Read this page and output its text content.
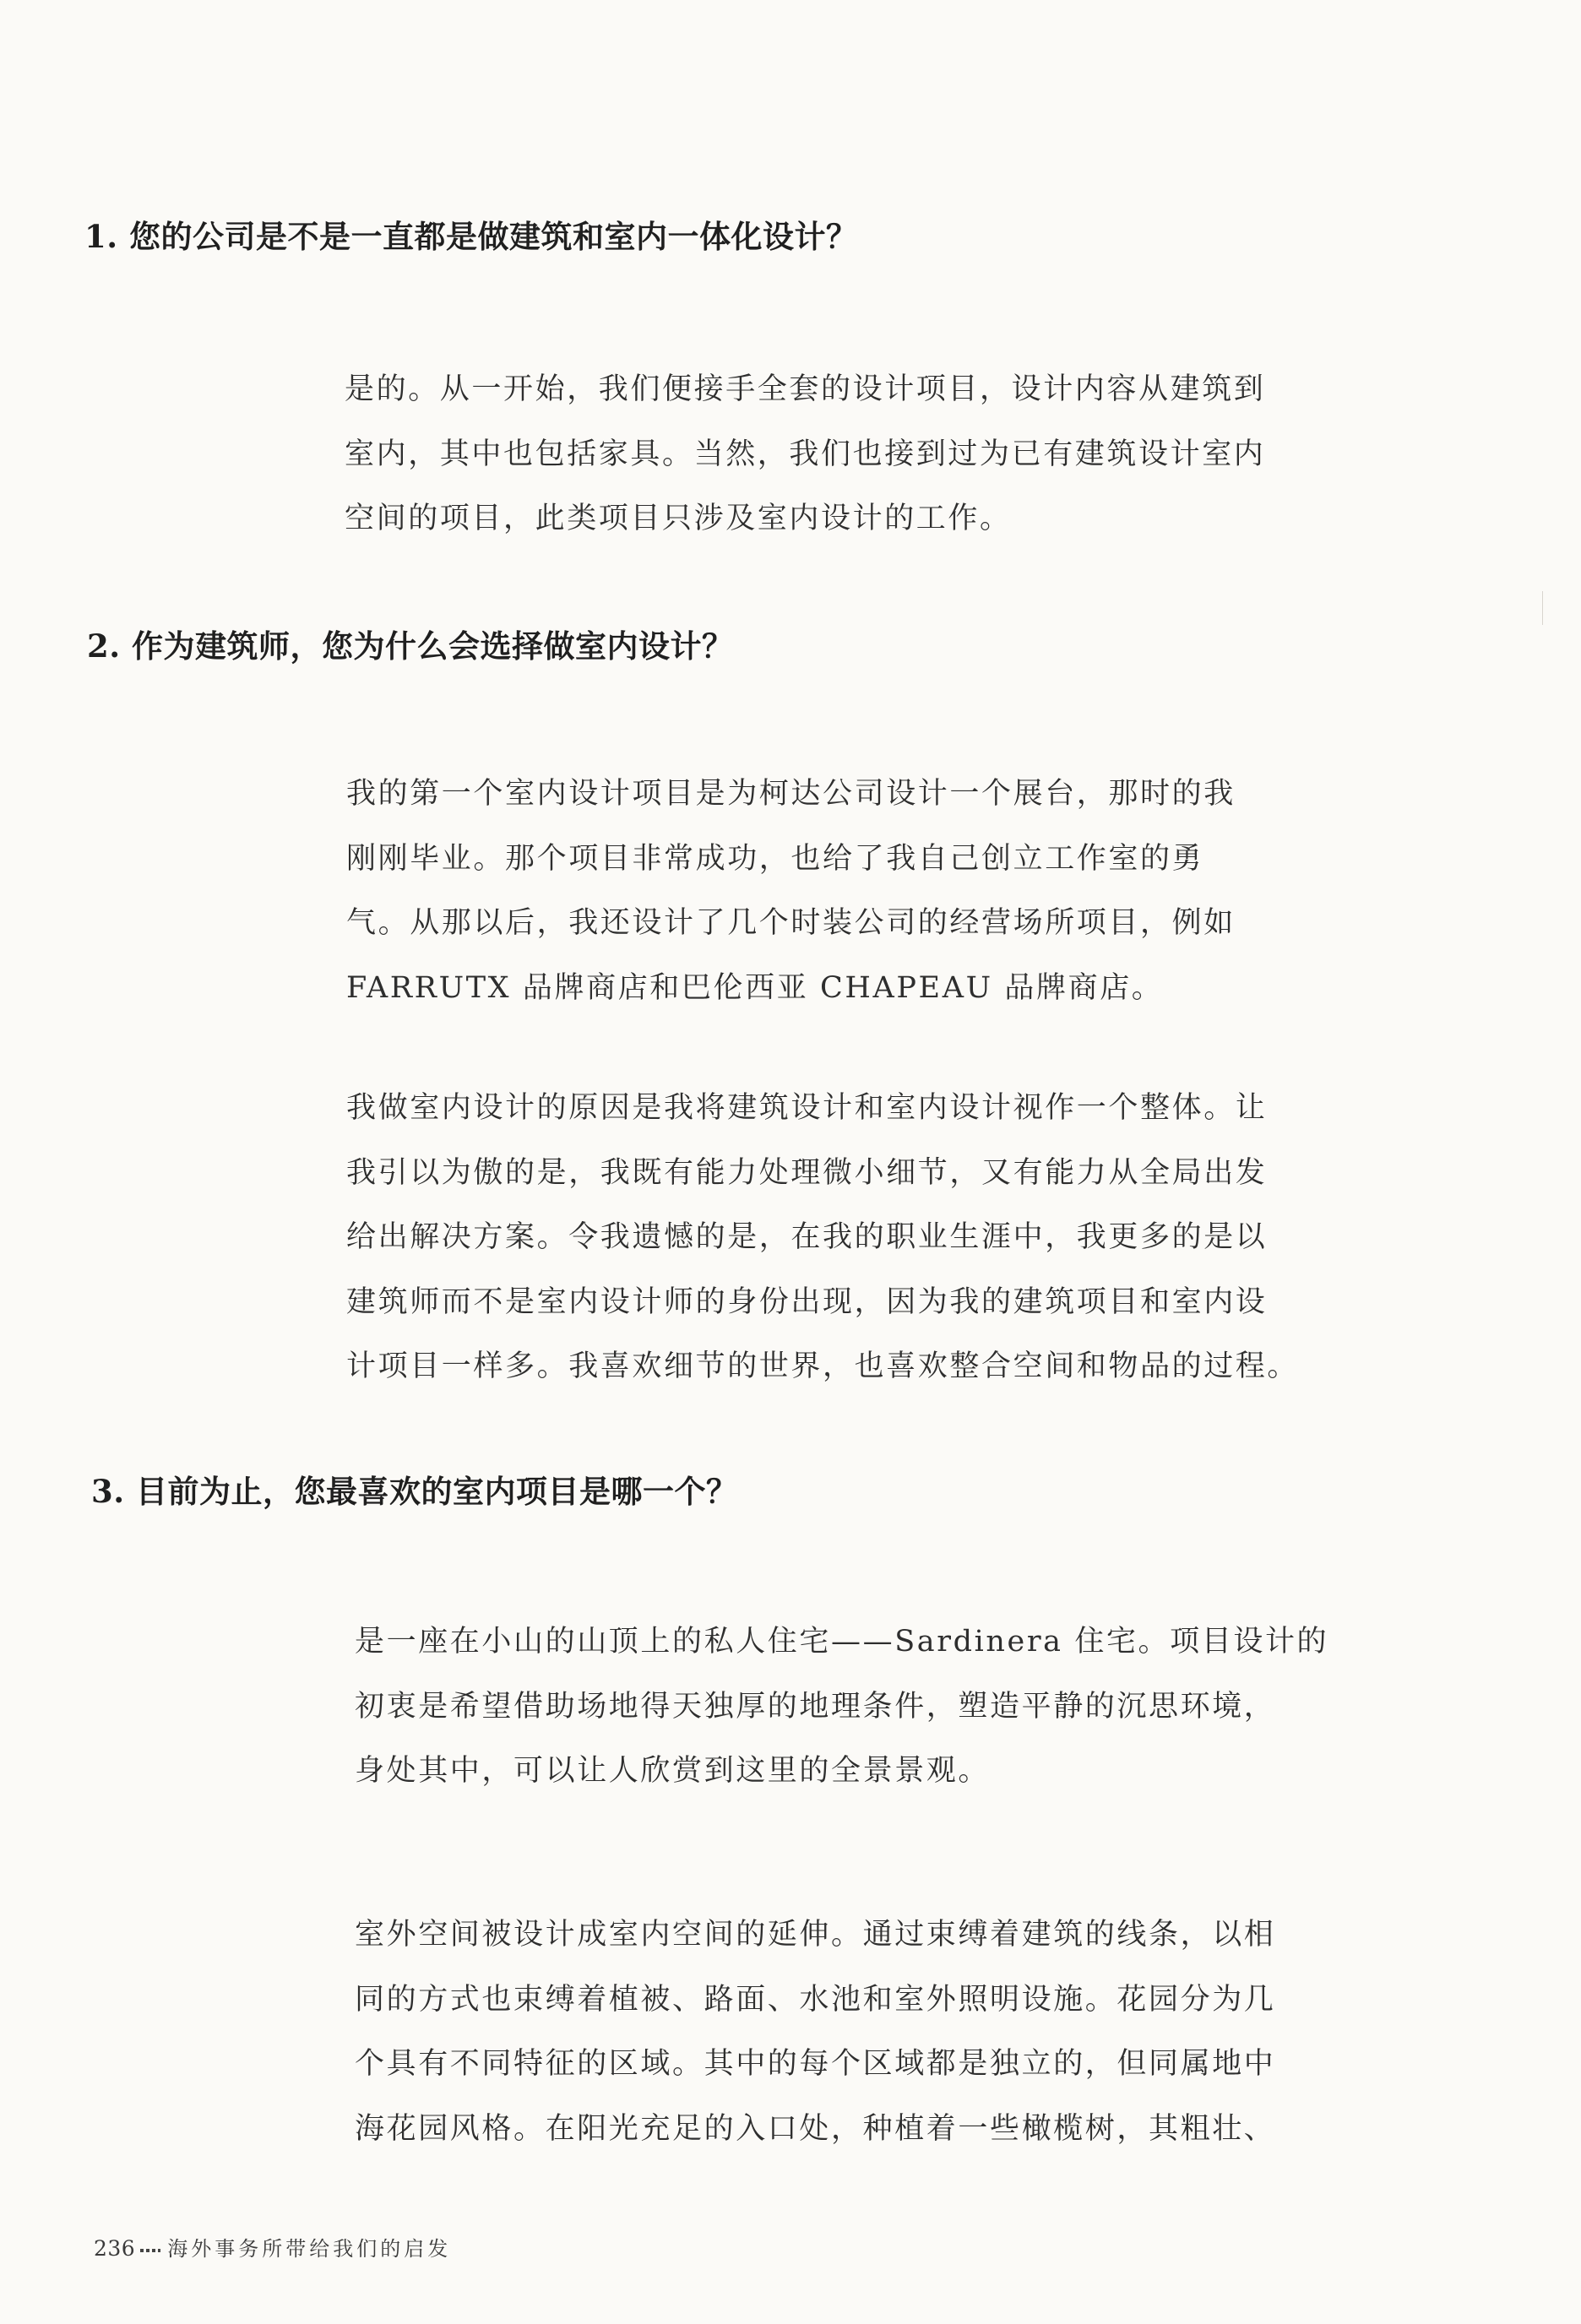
1. 您的公司是不是一直都是做建筑和室内一体化设计？
是的。从一开始，我们便接手全套的设计项目，设计内容从建筑到
室内，其中也包括家具。当然，我们也接到过为已有建筑设计室内
空间的项目，此类项目只涉及室内设计的工作。
2. 作为建筑师，您为什么会选择做室内设计？
我的第一个室内设计项目是为柯达公司设计一个展台，那时的我
刚刚毕业。那个项目非常成功，也给了我自己创立工作室的勇
气。从那以后，我还设计了几个时装公司的经营场所项目，例如
FARRUTX 品牌商店和巴伦西亚 CHAPEAU 品牌商店。
我做室内设计的原因是我将建筑设计和室内设计视作一个整体。让
我引以为傲的是，我既有能力处理微小细节，又有能力从全局出发
给出解决方案。令我遗憾的是，在我的职业生涯中，我更多的是以
建筑师而不是室内设计师的身份出现，因为我的建筑项目和室内设
计项目一样多。我喜欢细节的世界，也喜欢整合空间和物品的过程。
3. 目前为止，您最喜欢的室内项目是哪一个？
是一座在小山的山顶上的私人住宅——Sardinera 住宅。项目设计的
初衷是希望借助场地得天独厚的地理条件，塑造平静的沉思环境，
身处其中，可以让人欣赏到这里的全景景观。
室外空间被设计成室内空间的延伸。通过束缚着建筑的线条，以相
同的方式也束缚着植被、路面、水池和室外照明设施。花园分为几
个具有不同特征的区域。其中的每个区域都是独立的，但同属地中
海花园风格。在阳光充足的入口处，种植着一些橄榄树，其粗壮、
236 海外事务所带给我们的启发
